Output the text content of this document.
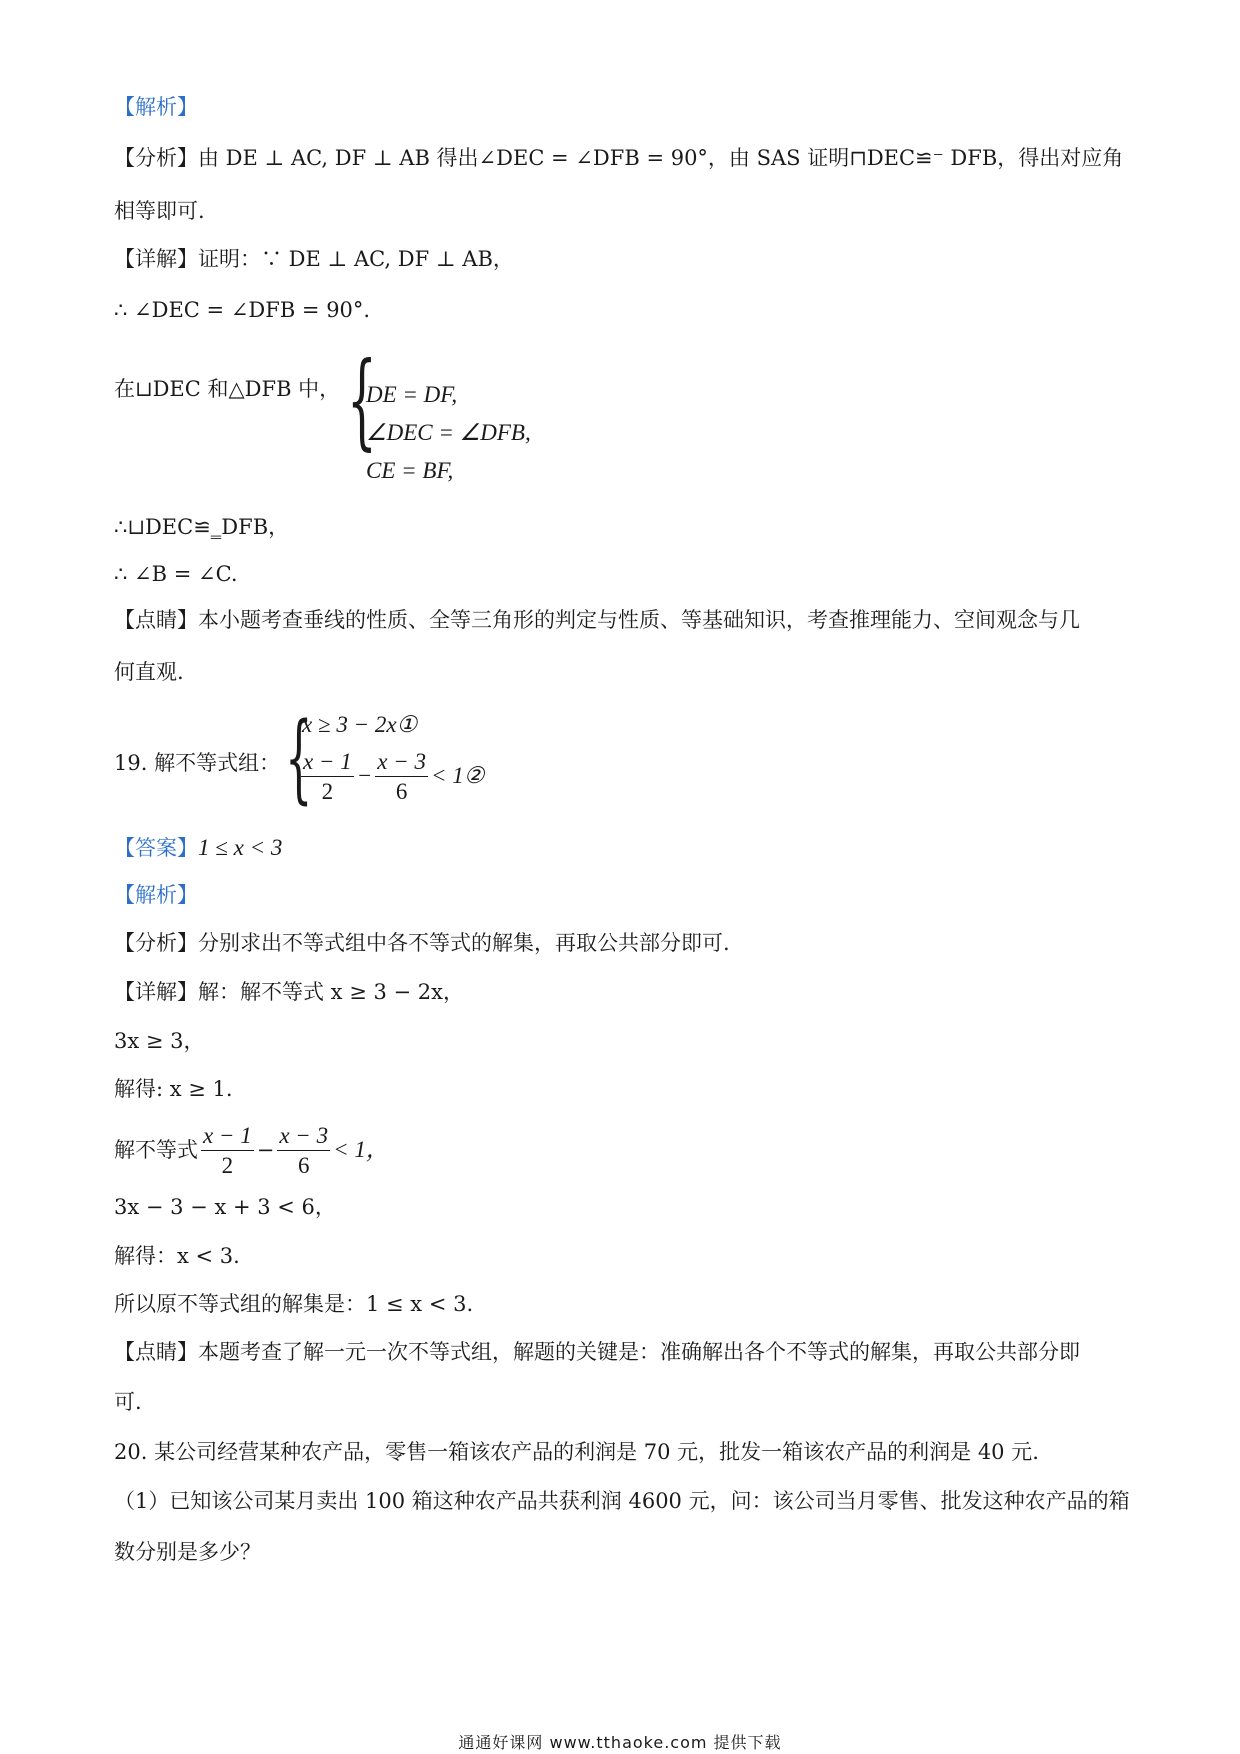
【解析】
【分析】由 DE ⊥ AC, DF ⊥ AB 得出∠DEC = ∠DFB = 90°，由 SAS 证明⊓DEC≌⁻ DFB，得出对应角
相等即可.
【详解】证明：∵ DE ⊥ AC, DF ⊥ AB，
∴ ∠DEC = ∠DFB = 90°.
在⊔DEC 和△DFB 中， {
DE = DF,
∠DEC = ∠DFB,
CE = BF,
∴⊔DEC≌‗DFB，
∴ ∠B = ∠C.
【点睛】本小题考查垂线的性质、全等三角形的判定与性质、等基础知识，考查推理能力、空间观念与几
何直观.
19. 解不等式组： {
x ≥ 3 − 2x①
$\frac{x - 1}{2} - \frac{x - 3}{6}$ < 1②
【答案】1 ≤ x < 3
【解析】
【分析】分别求出不等式组中各不等式的解集，再取公共部分即可.
【详解】解：解不等式 x ≥ 3 − 2x，
3x ≥ 3，
解得: x ≥ 1.
解不等式 $\frac{x - 1}{2} - \frac{x - 3}{6} < 1$，
3x − 3 − x + 3 < 6，
解得：x < 3.
所以原不等式组的解集是：1 ≤ x < 3.
【点睛】本题考查了解一元一次不等式组，解题的关键是：准确解出各个不等式的解集，再取公共部分即
可.
20. 某公司经营某种农产品，零售一箱该农产品的利润是 70 元，批发一箱该农产品的利润是 40 元.
（1）已知该公司某月卖出 100 箱这种农产品共获利润 4600 元，问：该公司当月零售、批发这种农产品的箱
数分别是多少？
通通好课网 www.tthaoke.com 提供下载
